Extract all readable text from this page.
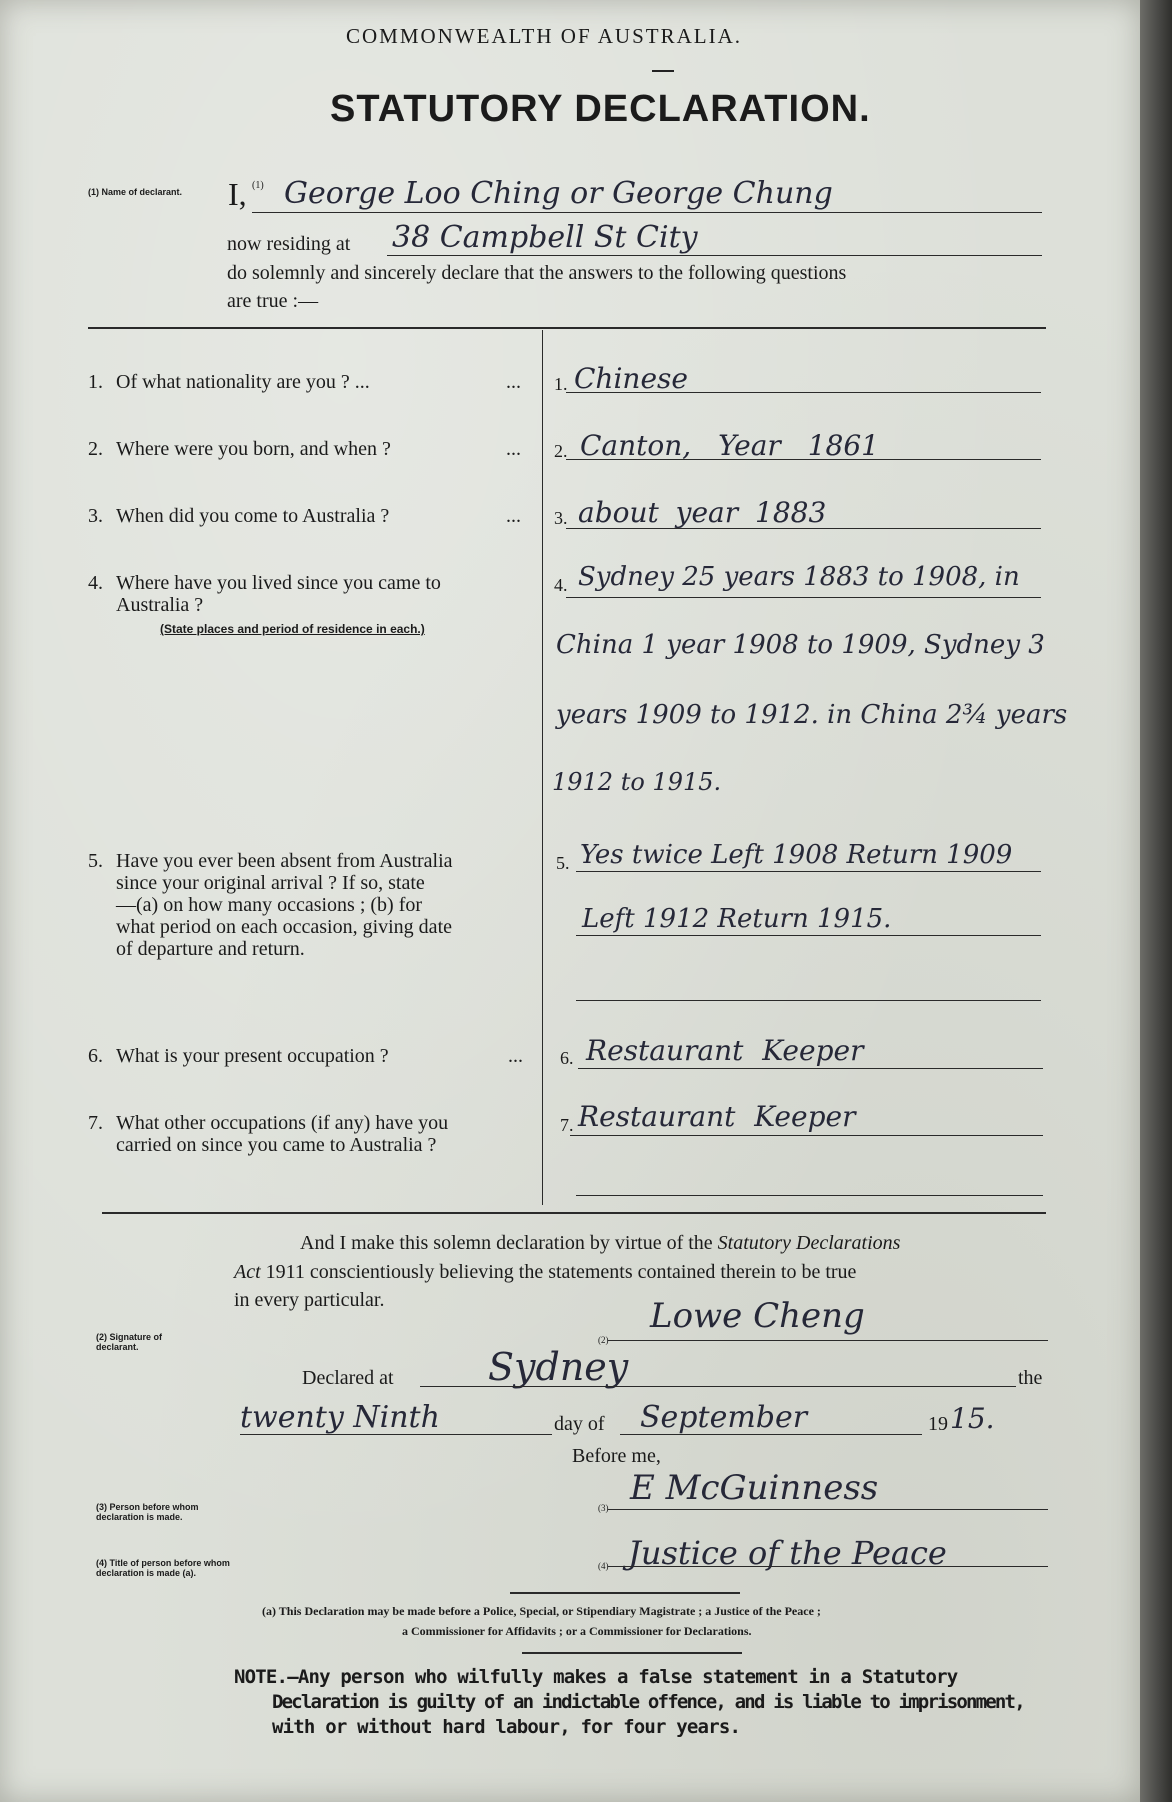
COMMONWEALTH OF AUSTRALIA.
STATUTORY DECLARATION.
(1) Name of declarant.	I, (1) George Loo Ching or George Chung
now residing at 38 Campbell St City
do solemnly and sincerely declare that the answers to the following questions
are true :—
1. Of what nationality are you ? ...	... 1. Chinese
2. Where were you born, and when ?	... 2. Canton, Year 1861
3. When did you come to Australia ?	... 3. about year 1883
4. Where have you lived since you came to
Australia ?
(State places and period of residence in each.)
4. Sydney 25 years 1883 to 1908, in
China 1 year 1908 to 1909, Sydney 3
years 1909 to 1912. in China 2¾ years
1912 to 1915.
5. Have you ever been absent from Australia
since your original arrival ? If so, state
—(a) on how many occasions ; (b) for
what period on each occasion, giving date
of departure and return.
5. Yes twice Left 1908 Return 1909
Left 1912 Return 1915.
6. What is your present occupation ?	... 6. Restaurant Keeper
7. What other occupations (if any) have you
carried on since you came to Australia ?
7. Restaurant Keeper
And I make this solemn declaration by virtue of the Statutory Declarations
Act 1911 conscientiously believing the statements contained therein to be true
in every particular.
(2) Signature of declarant.
Lowe Cheng
(2)
Declared at Sydney	the
twenty Ninth	day of September	19 15.
Before me,
(3) Person before whom declaration is made.
(3) E McGuinness
(4) Title of person before whom declaration is made (a).
(4) Justice of the Peace
(a) This Declaration may be made before a Police, Special, or Stipendiary Magistrate ; a Justice of the Peace ;
a Commissioner for Affidavits ; or a Commissioner for Declarations.
NOTE.—Any person who wilfully makes a false statement in a Statutory
Declaration is guilty of an indictable offence, and is liable to imprisonment,
with or without hard labour, for four years.
